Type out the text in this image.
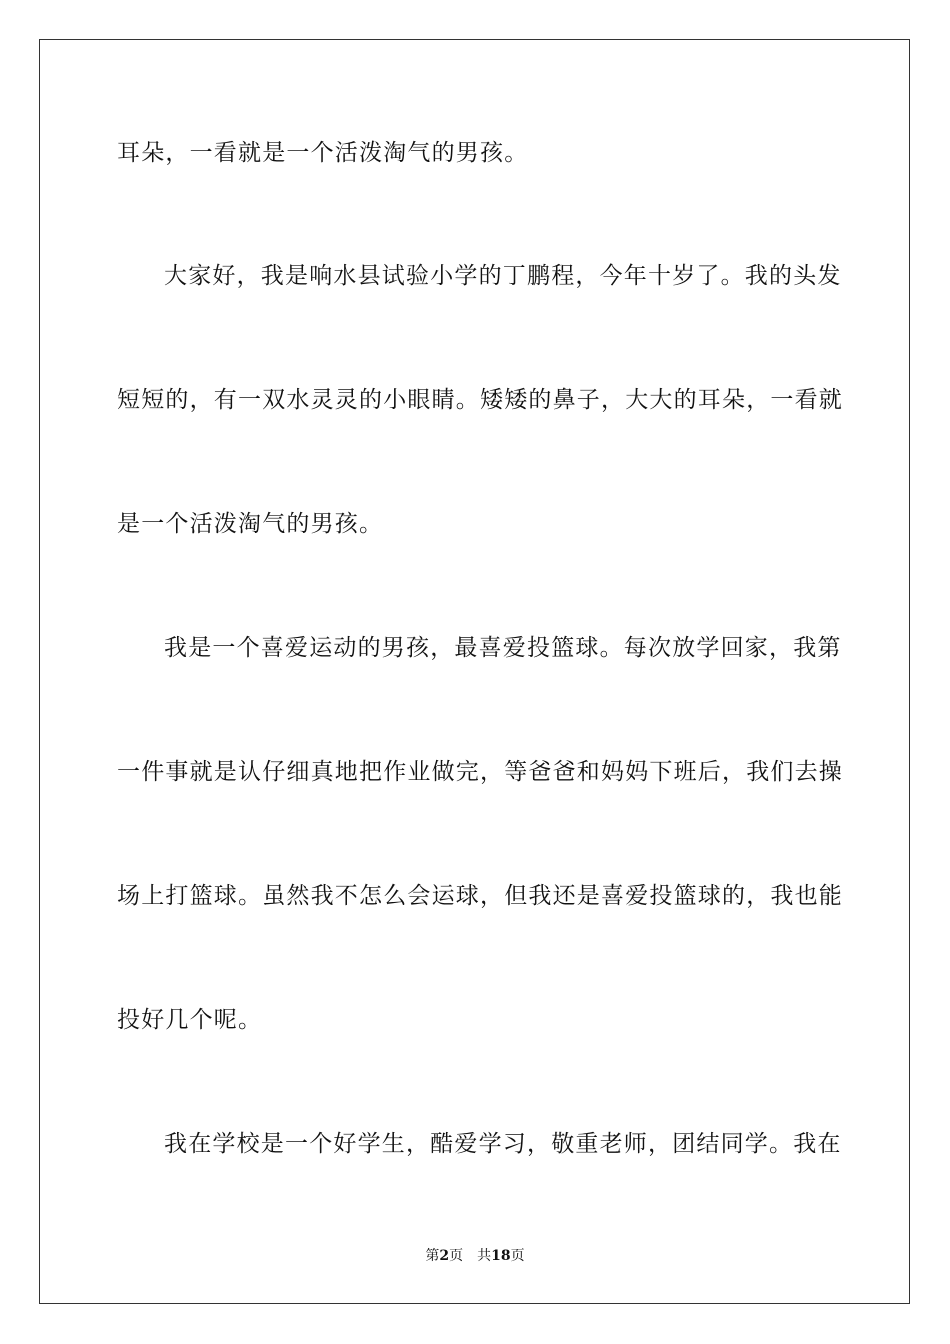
耳朵，一看就是一个活泼淘气的男孩。
大家好，我是响水县试验小学的丁鹏程，今年十岁了。我的头发
短短的，有一双水灵灵的小眼睛。矮矮的鼻子，大大的耳朵，一看就
是一个活泼淘气的男孩。
我是一个喜爱运动的男孩，最喜爱投篮球。每次放学回家，我第
一件事就是认仔细真地把作业做完，等爸爸和妈妈下班后，我们去操
场上打篮球。虽然我不怎么会运球，但我还是喜爱投篮球的，我也能
投好几个呢。
我在学校是一个好学生，酷爱学习，敬重老师，团结同学。我在
第2页 共18页
